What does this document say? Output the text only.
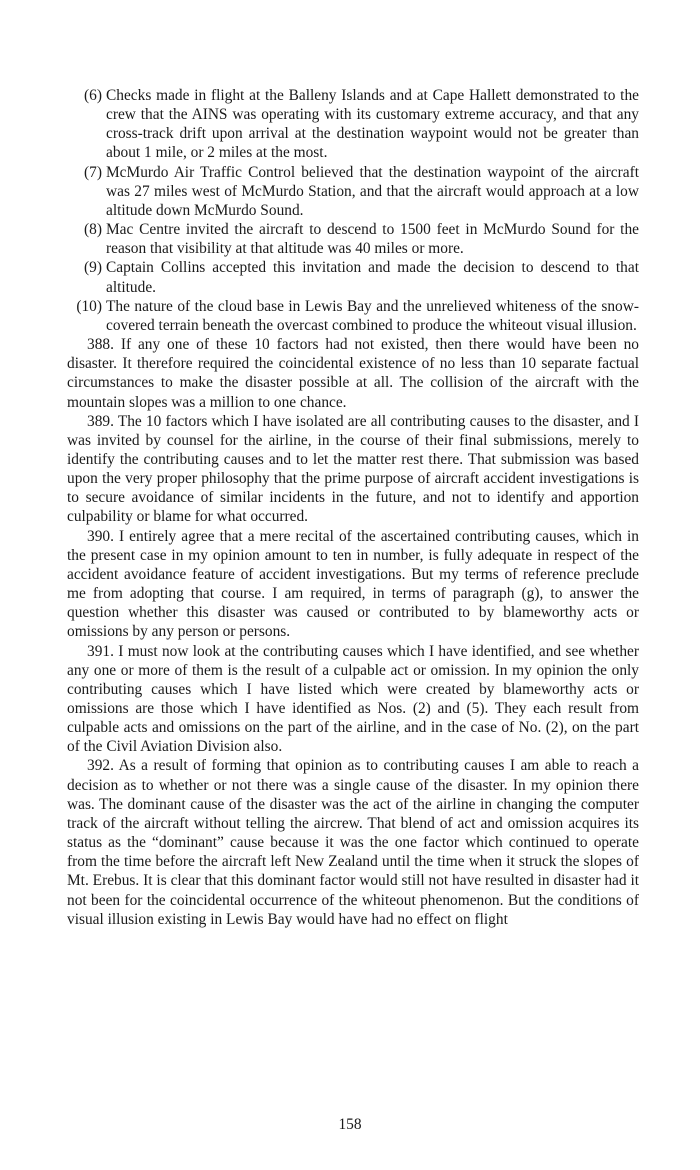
(6) Checks made in flight at the Balleny Islands and at Cape Hallett demonstrated to the crew that the AINS was operating with its customary extreme accuracy, and that any cross-track drift upon arrival at the destination waypoint would not be greater than about 1 mile, or 2 miles at the most.
(7) McMurdo Air Traffic Control believed that the destination waypoint of the aircraft was 27 miles west of McMurdo Station, and that the aircraft would approach at a low altitude down McMurdo Sound.
(8) Mac Centre invited the aircraft to descend to 1500 feet in McMurdo Sound for the reason that visibility at that altitude was 40 miles or more.
(9) Captain Collins accepted this invitation and made the decision to descend to that altitude.
(10) The nature of the cloud base in Lewis Bay and the unrelieved whiteness of the snow-covered terrain beneath the overcast combined to produce the whiteout visual illusion.

388. If any one of these 10 factors had not existed, then there would have been no disaster. It therefore required the coincidental existence of no less than 10 separate factual circumstances to make the disaster possible at all. The collision of the aircraft with the mountain slopes was a million to one chance.

389. The 10 factors which I have isolated are all contributing causes to the disaster, and I was invited by counsel for the airline, in the course of their final submissions, merely to identify the contributing causes and to let the matter rest there. That submission was based upon the very proper philosophy that the prime purpose of aircraft accident investigations is to secure avoidance of similar incidents in the future, and not to identify and apportion culpability or blame for what occurred.

390. I entirely agree that a mere recital of the ascertained contributing causes, which in the present case in my opinion amount to ten in number, is fully adequate in respect of the accident avoidance feature of accident investigations. But my terms of reference preclude me from adopting that course. I am required, in terms of paragraph (g), to answer the question whether this disaster was caused or contributed to by blameworthy acts or omissions by any person or persons.

391. I must now look at the contributing causes which I have identified, and see whether any one or more of them is the result of a culpable act or omission. In my opinion the only contributing causes which I have listed which were created by blameworthy acts or omissions are those which I have identified as Nos. (2) and (5). They each result from culpable acts and omissions on the part of the airline, and in the case of No. (2), on the part of the Civil Aviation Division also.

392. As a result of forming that opinion as to contributing causes I am able to reach a decision as to whether or not there was a single cause of the disaster. In my opinion there was. The dominant cause of the disaster was the act of the airline in changing the computer track of the aircraft without telling the aircrew. That blend of act and omission acquires its status as the “dominant” cause because it was the one factor which continued to operate from the time before the aircraft left New Zealand until the time when it struck the slopes of Mt. Erebus. It is clear that this dominant factor would still not have resulted in disaster had it not been for the coincidental occurrence of the whiteout phenomenon. But the conditions of visual illusion existing in Lewis Bay would have had no effect on flight

158
